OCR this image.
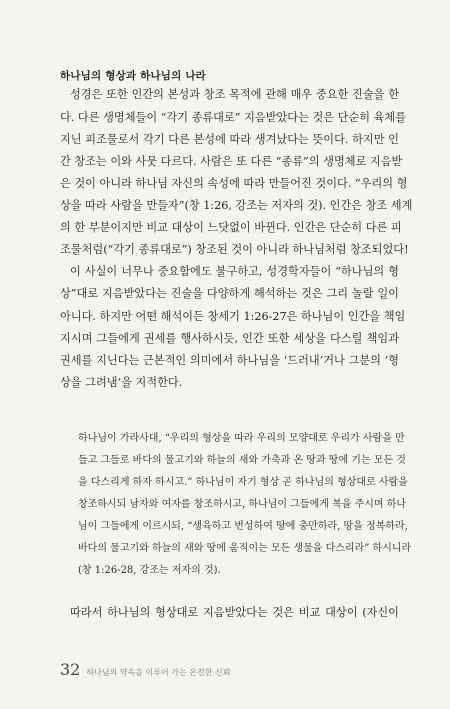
하나님의 형상과 하나님의 나라
성경은 또한 인간의 본성과 창조 목적에 관해 매우 중요한 진술을 한
다. 다른 생명체들이 “각기 종류대로” 지음받았다는 것은 단순히 육체를
지닌 피조물로서 각기 다른 본성에 따라 생겨났다는 뜻이다. 하지만 인
간 창조는 이와 사뭇 다르다. 사람은 또 다른 “종류”의 생명체로 지음받
은 것이 아니라 하나님 자신의 속성에 따라 만들어진 것이다. “우리의 형
상을 따라 사람을 만들자”(창 1:26, 강조는 저자의 것). 인간은 창조 세계
의 한 부분이지만 비교 대상이 느닷없이 바뀐다. 인간은 단순히 다른 피
조물처럼(“각기 종류대로”) 창조된 것이 아니라 하나님처럼 창조되었다!
이 사실이 너무나 중요함에도 불구하고, 성경학자들이 “하나님의 형
상”대로 지음받았다는 진술을 다양하게 해석하는 것은 그리 놀랄 일이
아니다. 하지만 어떤 해석이든 창세기 1:26-27은 하나님이 인간을 책임
지시며 그들에게 권세를 행사하시듯, 인간 또한 세상을 다스릴 책임과
권세를 지닌다는 근본적인 의미에서 하나님을 ‘드러내’거나 그분의 ‘형
상을 그려냄’을 지적한다.
하나님이 가라사대, “우리의 형상을 따라 우리의 모양대로 우리가 사람을 만
들고 그들로 바다의 물고기와 하늘의 새와 가축과 온 땅과 땅에 기는 모든 것
을 다스리게 하자 하시고.” 하나님이 자기 형상 곧 하나님의 형상대로 사람을
창조하시되 남자와 여자를 창조하시고, 하나님이 그들에게 복을 주시며 하나
님이 그들에게 이르시되, “생육하고 번성하여 땅에 충만하라, 땅을 정복하라,
바다의 물고기와 하늘의 새와 땅에 움직이는 모든 생물을 다스리라” 하시니라
(창 1:26-28, 강조는 저자의 것).
따라서 하나님의 형상대로 지음받았다는 것은 비교 대상이 (자신이
32 하나님의 약속을 이루어 가는 온전한 신뢰
